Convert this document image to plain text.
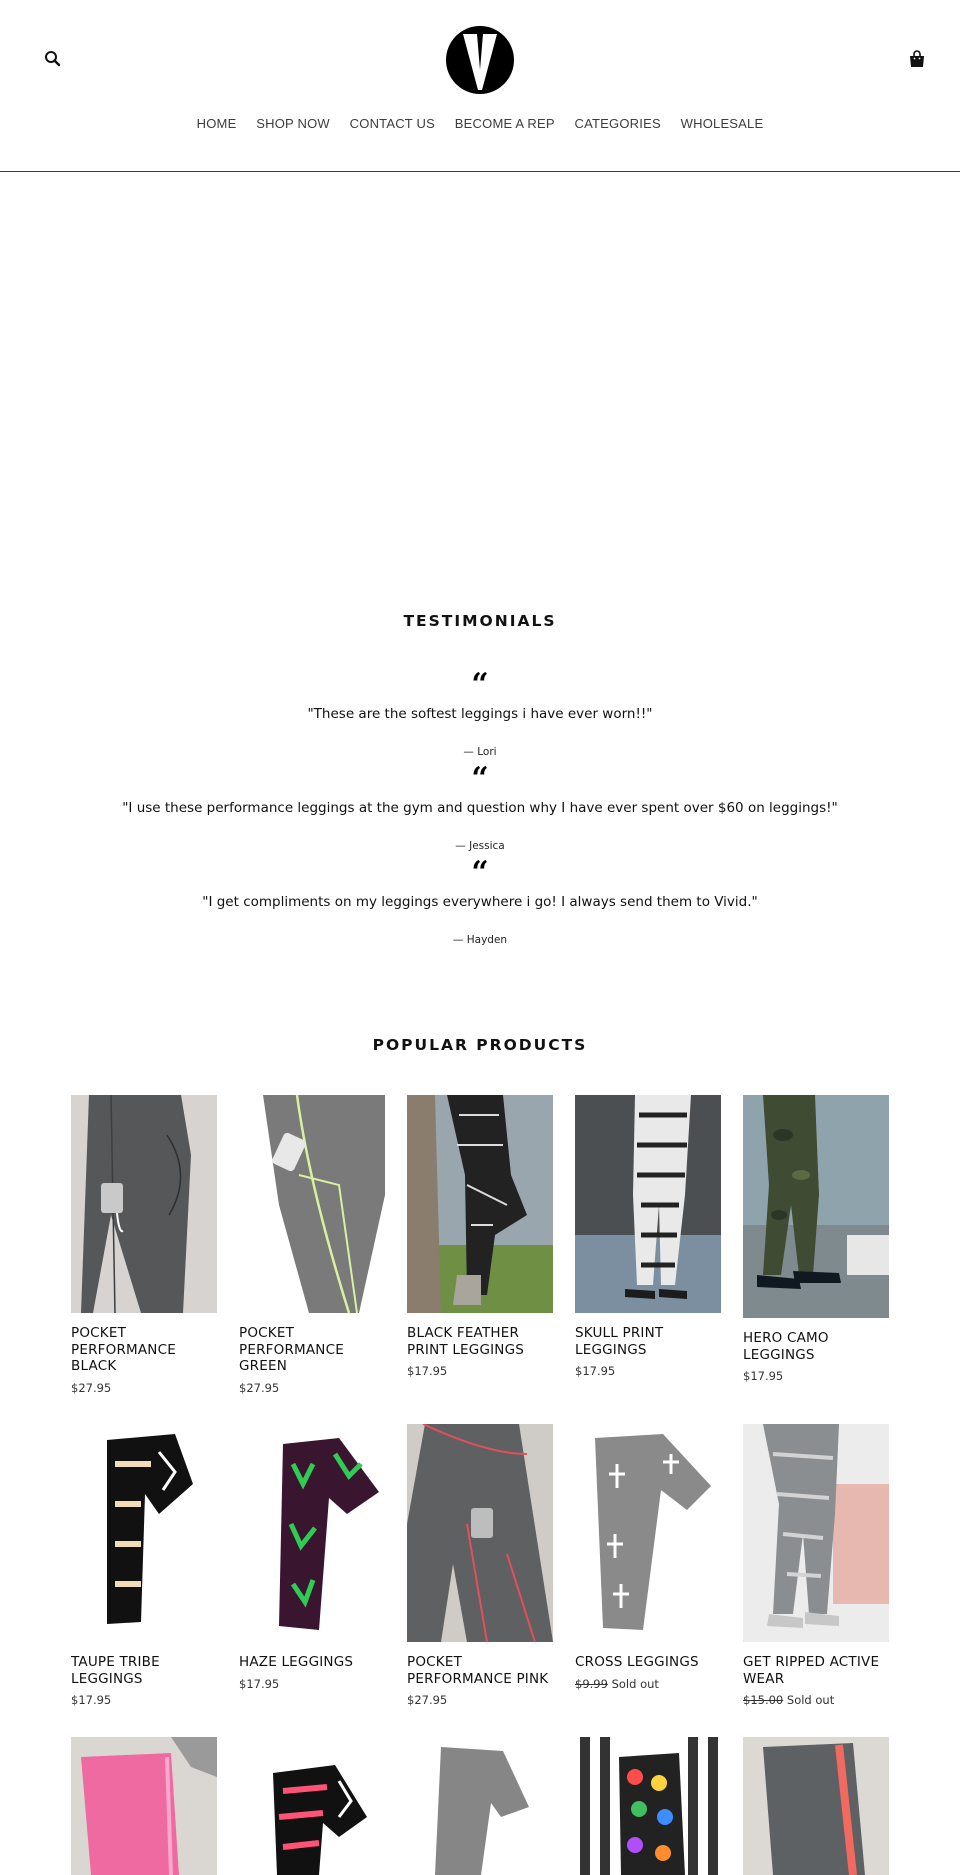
HOME SHOP NOW CONTACT US BECOME A REP CATEGORIES WHOLESALE
TESTIMONIALS
“
"These are the softest leggings i have ever worn!!"
— Lori
“
"I use these performance leggings at the gym and question why I have ever spent over $60 on leggings!"
— Jessica
“
"I get compliments on my leggings everywhere i go! I always send them to Vivid."
— Hayden
POPULAR PRODUCTS
POCKET PERFORMANCE BLACK
$27.95
POCKET PERFORMANCE GREEN
$27.95
BLACK FEATHER PRINT LEGGINGS
$17.95
SKULL PRINT LEGGINGS
$17.95
HERO CAMO LEGGINGS
$17.95
TAUPE TRIBE LEGGINGS
$17.95
HAZE LEGGINGS
$17.95
POCKET PERFORMANCE PINK
$27.95
CROSS LEGGINGS
$9.99 Sold out
GET RIPPED ACTIVE WEAR
$15.00 Sold out
